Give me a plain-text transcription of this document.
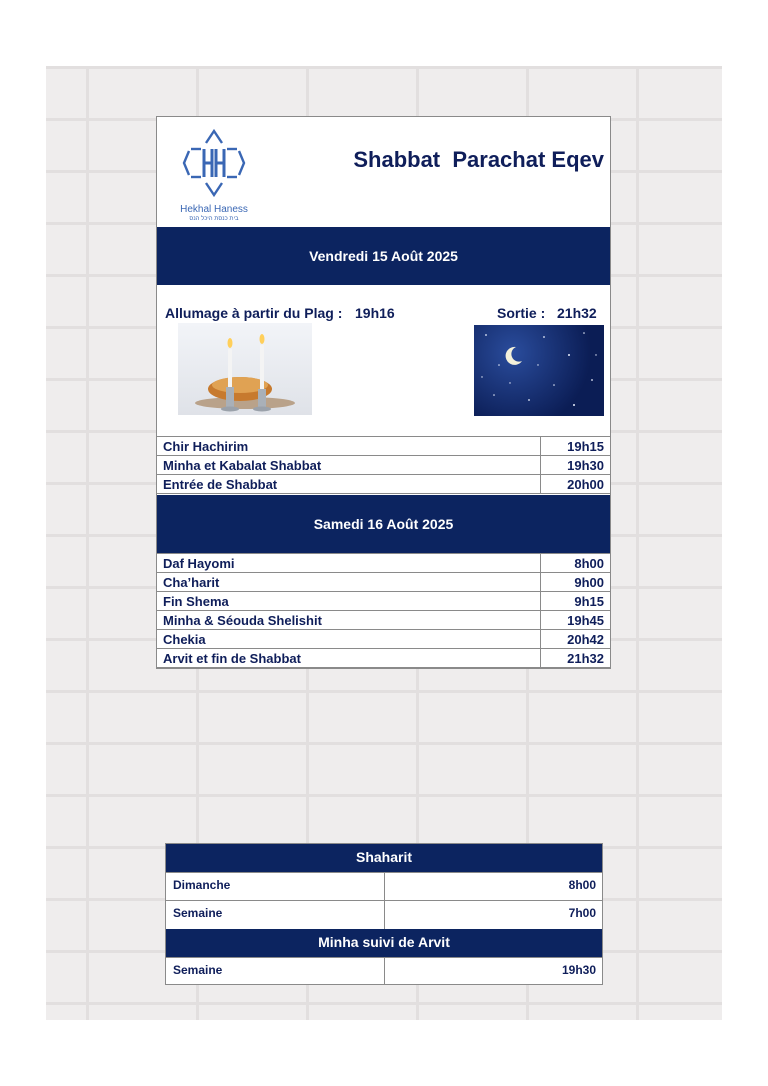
Hekhal Haness
בית כנסת היכל הנס
Shabbat  Parachat Eqev
Vendredi 15 Août 2025
Allumage à partir du Plag : 19h16	Sortie : 21h32
Chir Hachirim	19h15
Minha et Kabalat Shabbat	19h30
Entrée de Shabbat	20h00
Samedi 16 Août 2025
Daf Hayomi	8h00
Cha’harit	9h00
Fin Shema	9h15
Minha & Séouda Shelishit	19h45
Chekia	20h42
Arvit et fin de Shabbat	21h32
Shaharit
Dimanche	8h00
Semaine	7h00
Minha suivi de Arvit
Semaine	19h30
